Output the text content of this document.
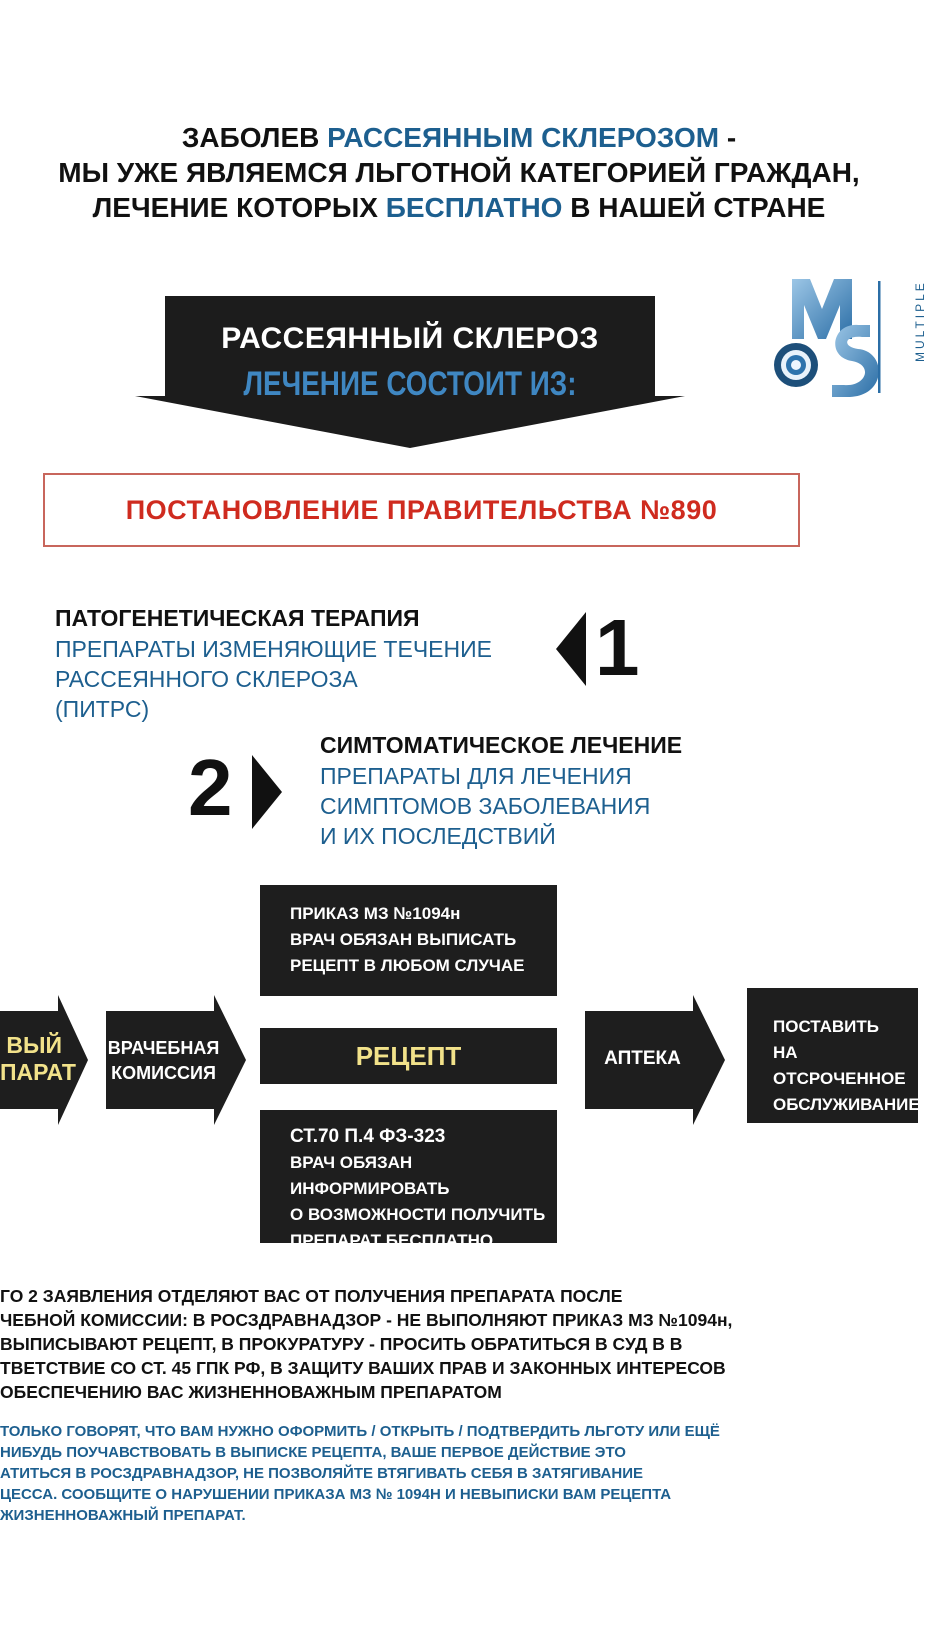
ЗАБОЛЕВ РАССЕЯННЫМ СКЛЕРОЗОМ -
МЫ УЖЕ ЯВЛЯЕМСЯ ЛЬГОТНОЙ КАТЕГОРИЕЙ ГРАЖДАН,
ЛЕЧЕНИЕ КОТОРЫХ БЕСПЛАТНО В НАШЕЙ СТРАНЕ
РАССЕЯННЫЙ СКЛЕРОЗ
ЛЕЧЕНИЕ СОСТОИТ ИЗ:
MULTIPLE
ПОСТАНОВЛЕНИЕ ПРАВИТЕЛЬСТВА №890
ПАТОГЕНЕТИЧЕСКАЯ ТЕРАПИЯ
ПРЕПАРАТЫ ИЗМЕНЯЮЩИЕ ТЕЧЕНИЕ
РАССЕЯННОГО СКЛЕРОЗА
(ПИТРС)
1
2	СИМТОМАТИЧЕСКОЕ ЛЕЧЕНИЕ
ПРЕПАРАТЫ ДЛЯ ЛЕЧЕНИЯ
СИМПТОМОВ ЗАБОЛЕВАНИЯ
И ИХ ПОСЛЕДСТВИЙ
ВЫЙ
ПАРАТ
ВРАЧЕБНАЯ
КОМИССИЯ
АПТЕКА
ПРИКАЗ МЗ №1094н
ВРАЧ ОБЯЗАН ВЫПИСАТЬ
РЕЦЕПТ В ЛЮБОМ СЛУЧАЕ
РЕЦЕПТ
СТ.70 П.4 ФЗ-323
ВРАЧ ОБЯЗАН ИНФОРМИРОВАТЬ
О ВОЗМОЖНОСТИ ПОЛУЧИТЬ
ПРЕПАРАТ БЕСПЛАТНО
ПОСТАВИТЬ
НА ОТСРОЧЕННОЕ
ОБСЛУЖИВАНИЕ
ГО 2 ЗАЯВЛЕНИЯ ОТДЕЛЯЮТ ВАС ОТ ПОЛУЧЕНИЯ ПРЕПАРАТА ПОСЛЕ
ЧЕБНОЙ КОМИССИИ: В РОСЗДРАВНАДЗОР - НЕ ВЫПОЛНЯЮТ ПРИКАЗ МЗ №1094н,
ВЫПИСЫВАЮТ РЕЦЕПТ, В ПРОКУРАТУРУ - ПРОСИТЬ ОБРАТИТЬСЯ В СУД В В
ТВЕТСТВИЕ СО СТ. 45 ГПК РФ, В ЗАЩИТУ ВАШИХ ПРАВ И ЗАКОННЫХ ИНТЕРЕСОВ
ОБЕСПЕЧЕНИЮ ВАС ЖИЗНЕННОВАЖНЫМ ПРЕПАРАТОМ
ТОЛЬКО ГОВОРЯТ, ЧТО ВАМ НУЖНО ОФОРМИТЬ / ОТКРЫТЬ / ПОДТВЕРДИТЬ ЛЬГОТУ ИЛИ ЕЩЁ
НИБУДЬ ПОУЧАВСТВОВАТЬ В ВЫПИСКЕ РЕЦЕПТА, ВАШЕ ПЕРВОЕ ДЕЙСТВИЕ ЭТО
АТИТЬСЯ В РОСЗДРАВНАДЗОР, НЕ ПОЗВОЛЯЙТЕ ВТЯГИВАТЬ СЕБЯ В ЗАТЯГИВАНИЕ
ЦЕССА. СООБЩИТЕ О НАРУШЕНИИ ПРИКАЗА МЗ № 1094Н И НЕВЫПИСКИ ВАМ РЕЦЕПТА
ЖИЗНЕННОВАЖНЫЙ ПРЕПАРАТ.
